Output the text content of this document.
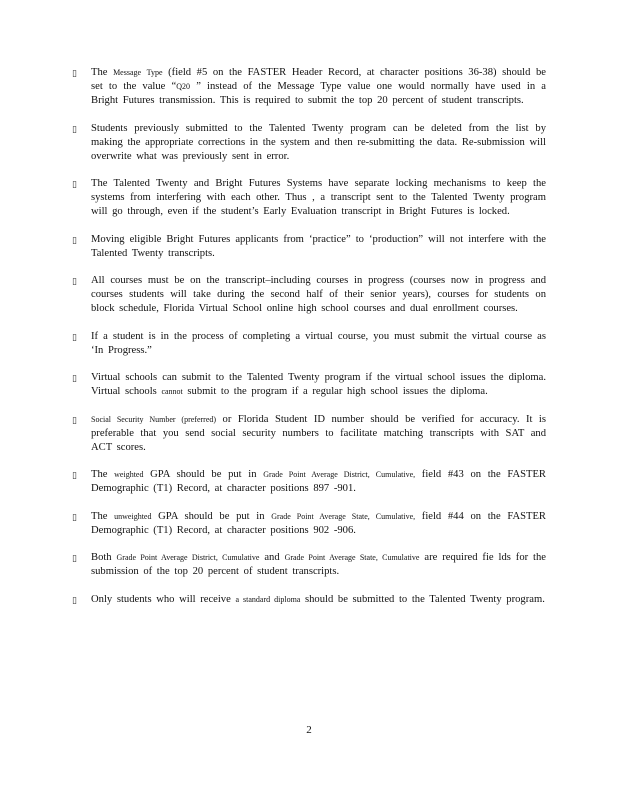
▯	The Message Type (field #5 on the FASTER Header Record, at character positions 36-38) should be set to the value “Q20 ” instead of the Message Type value one would normally have used in a Bright Futures transmission. This is required to submit the top 20 percent of student transcripts.
▯	Students previously submitted to the Talented Twenty program can be deleted from the list by making the appropriate corrections in the system and then re-submitting the data. Re-submission will overwrite what was previously sent in error.
▯	The Talented Twenty and Bright Futures Systems have separate locking mechanisms to keep the systems from interfering with each other. Thus , a transcript sent to the Talented Twenty program will go through, even if the student’s Early Evaluation transcript in Bright Futures is locked.
▯	Moving eligible Bright Futures applicants from ‘practice” to ‘production” will not interfere with the Talented Twenty transcripts.
▯	All courses must be on the transcript–including courses in progress (courses now in progress and courses students will take during the second half of their senior years), courses for students on block schedule, Florida Virtual School online high school courses and dual enrollment courses.
▯	If a student is in the process of completing a virtual course, you must submit the virtual course as ‘In Progress.”
▯	Virtual schools can submit to the Talented Twenty program if the virtual school issues the diploma. Virtual schools cannot submit to the program if a regular high school issues the diploma.
▯	Social Security Number (preferred) or Florida Student ID number should be verified for accuracy. It is preferable that you send social security numbers to facilitate matching transcripts with SAT and ACT scores.
▯	The weighted GPA should be put in Grade Point Average District, Cumulative, field #43 on the FASTER Demographic (T1) Record, at character positions 897 -901.
▯	The unweighted GPA should be put in Grade Point Average State, Cumulative, field #44 on the FASTER Demographic (T1) Record, at character positions 902 -906.
▯	Both Grade Point Average District, Cumulative and Grade Point Average State, Cumulative are required fie lds for the submission of the top 20 percent of student transcripts.
▯	Only students who will receive a standard diploma should be submitted to the Talented Twenty program.
2
